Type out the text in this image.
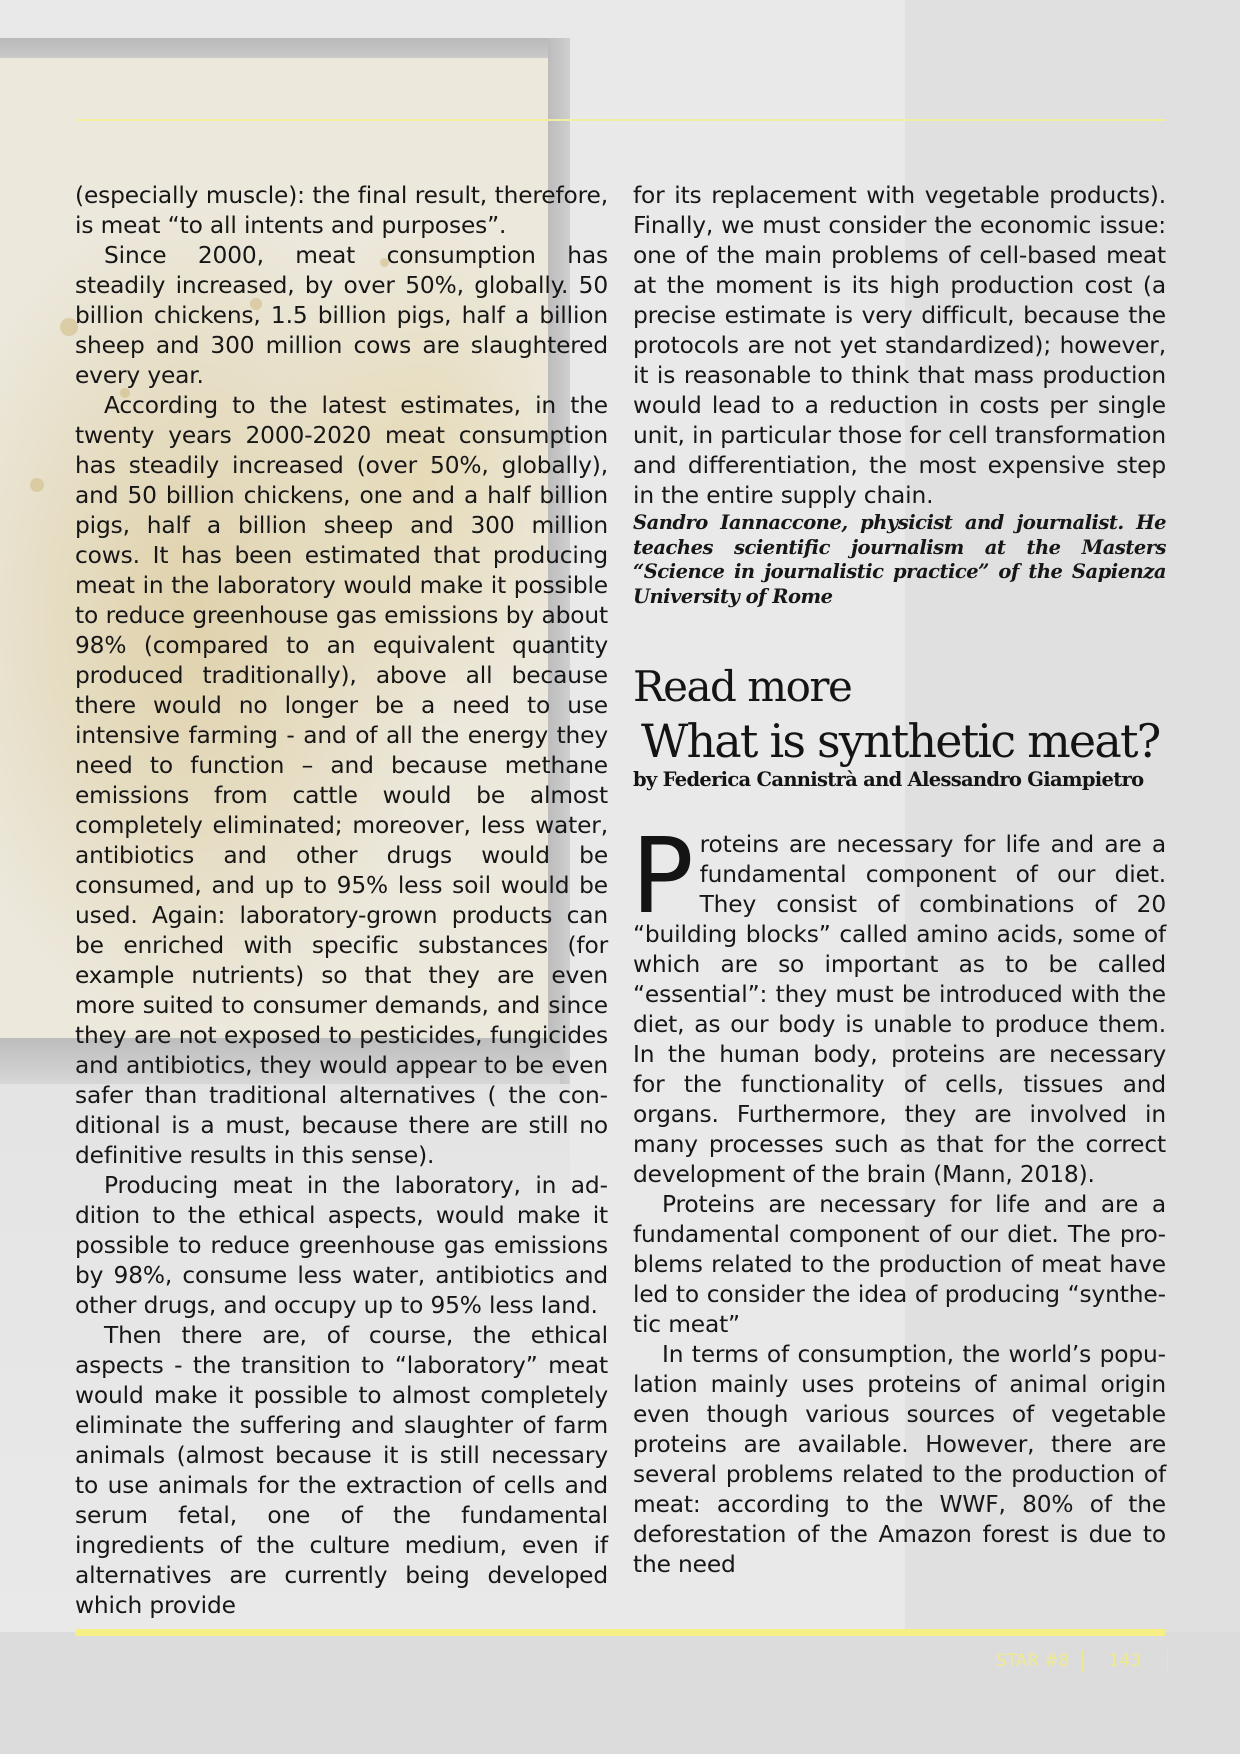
(especially muscle): the final result, therefore, is meat “to all intents and purposes”.

Since 2000, meat consumption has steadily increased, by over 50%, globally. 50 billion chickens, 1.5 billion pigs, half a billion sheep and 300 million cows are slaughtered every year.

According to the latest estimates, in the twenty years 2000-2020 meat consumption has steadily increased (over 50%, globally), and 50 billion chickens, one and a half billion pigs, half a billion sheep and 300 million cows. It has been estimated that producing meat in the laboratory would make it possible to reduce greenhouse gas emissions by about 98% (compared to an equivalent quantity produced traditionally), above all because there would no longer be a need to use intensive farming - and of all the energy they need to function – and because methane emissions from cattle would be almost completely eliminated; moreover, less water, antibiotics and other drugs would be consumed, and up to 95% less soil would be used. Again: laboratory-grown products can be enriched with specific substances (for example nutrients) so that they are even more suited to consumer demands, and since they are not exposed to pesticides, fungicides and antibiotics, they would appear to be even safer than traditional alternatives ( the conditional is a must, because there are still no definitive results in this sense).

Producing meat in the laboratory, in addition to the ethical aspects, would make it possible to reduce greenhouse gas emissions by 98%, consume less water, antibiotics and other drugs, and occupy up to 95% less land.

Then there are, of course, the ethical aspects - the transition to “laboratory” meat would make it possible to almost completely eliminate the suffering and slaughter of farm animals (almost because it is still necessary to use animals for the extraction of cells and serum fetal, one of the fundamental ingredients of the culture medium, even if alternatives are currently being developed which provide

for its replacement with vegetable products). Finally, we must consider the economic issue: one of the main problems of cell-based meat at the moment is its high production cost (a precise estimate is very difficult, because the protocols are not yet standardized); however, it is reasonable to think that mass production would lead to a reduction in costs per single unit, in particular those for cell transformation and differentiation, the most expensive step in the entire supply chain.

Sandro Iannaccone, physicist and journalist. He teaches scientific journalism at the Masters “Science in journalistic practice” of the Sapienza University of Rome

Read more
What is synthetic meat?
by Federica Cannistrà and Alessandro Giampietro

Proteins are necessary for life and are a fundamental component of our diet. They consist of combinations of 20 “building blocks” called amino acids, some of which are so important as to be called “essential”: they must be introduced with the diet, as our body is unable to produce them. In the human body, proteins are necessary for the functionality of cells, tissues and organs. Furthermore, they are involved in many processes such as that for the correct development of the brain (Mann, 2018).

Proteins are necessary for life and are a fundamental component of our diet. The problems related to the production of meat have led to consider the idea of producing “synthetic meat”

In terms of consumption, the world’s population mainly uses proteins of animal origin even though various sources of vegetable proteins are available. However, there are several problems related to the production of meat: according to the WWF, 80% of the deforestation of the Amazon forest is due to the need

STAR #8 143
